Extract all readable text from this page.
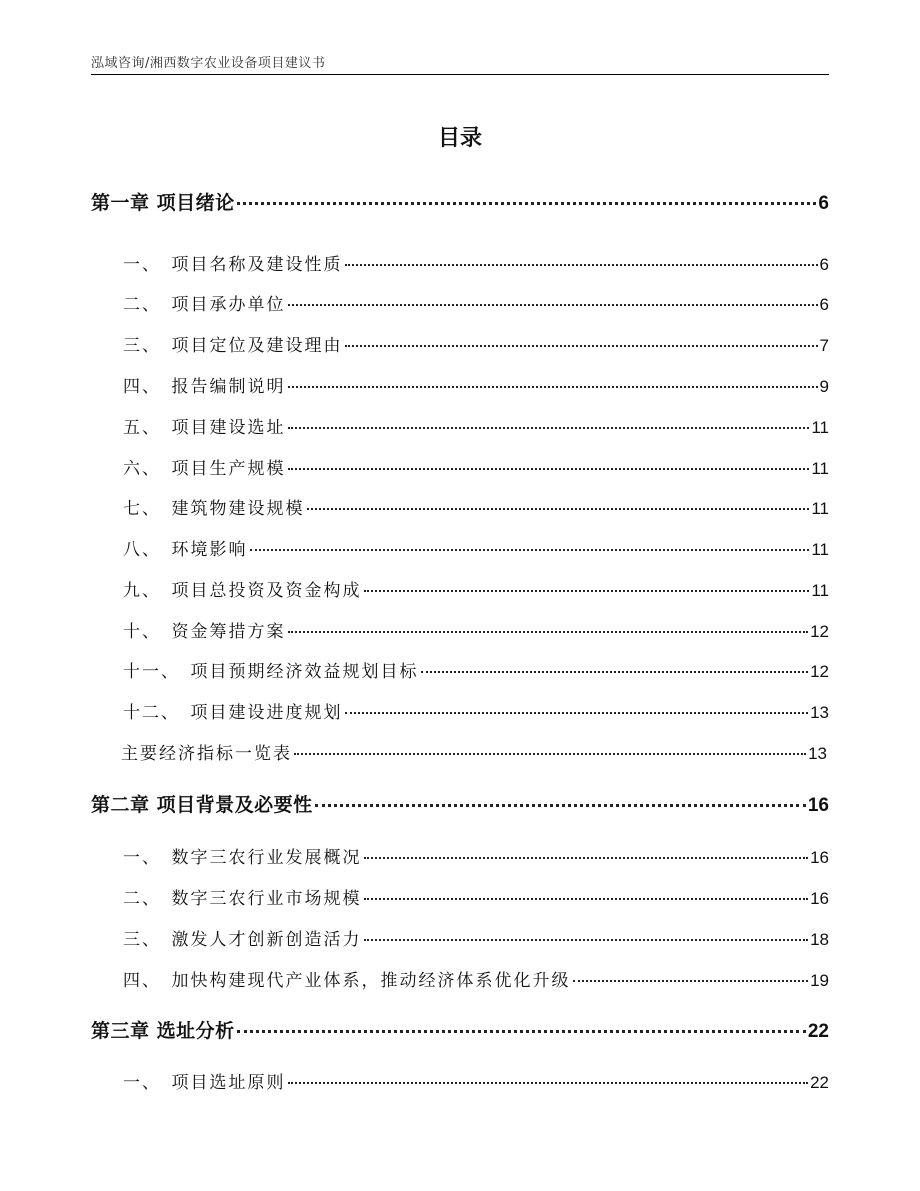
泓域咨询/湘西数字农业设备项目建议书
目录
第一章 项目绪论	6
一、　项目名称及建设性质	6
二、　项目承办单位	6
三、　项目定位及建设理由	7
四、　报告编制说明	9
五、　项目建设选址	11
六、　项目生产规模	11
七、　建筑物建设规模	11
八、　环境影响	11
九、　项目总投资及资金构成	11
十、　资金筹措方案	12
十一、　项目预期经济效益规划目标	12
十二、　项目建设进度规划	13
主要经济指标一览表	13
第二章 项目背景及必要性	16
一、　数字三农行业发展概况	16
二、　数字三农行业市场规模	16
三、　激发人才创新创造活力	18
四、　加快构建现代产业体系，推动经济体系优化升级	19
第三章 选址分析	22
一、　项目选址原则	22
